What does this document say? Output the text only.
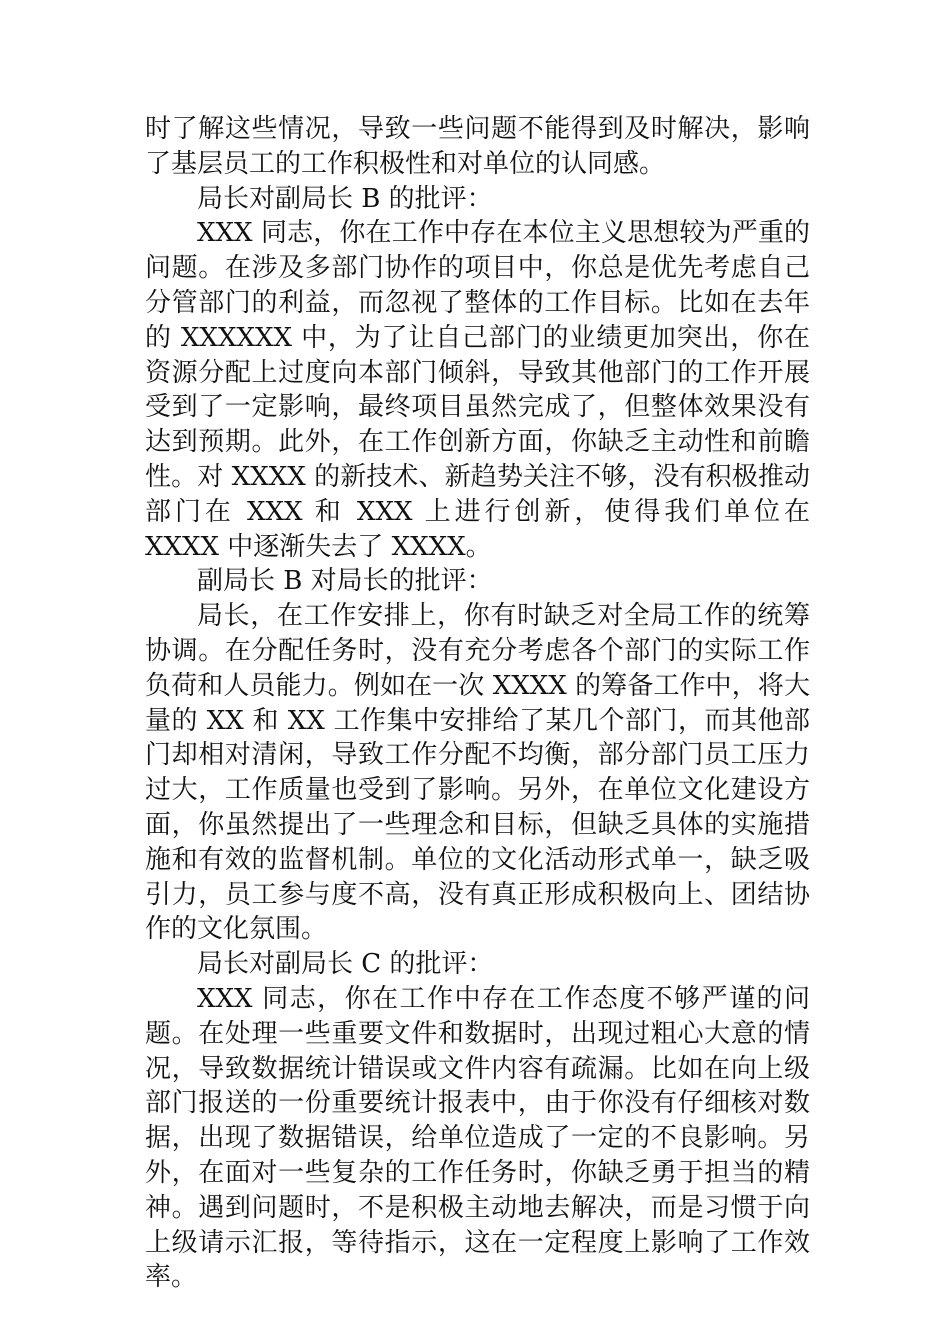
时了解这些情况，导致一些问题不能得到及时解决，影响了基层员工的工作积极性和对单位的认同感。

局长对副局长 B 的批评：

XXX 同志，你在工作中存在本位主义思想较为严重的问题。在涉及多部门协作的项目中，你总是优先考虑自己分管部门的利益，而忽视了整体的工作目标。比如在去年的 XXXXXX 中，为了让自己部门的业绩更加突出，你在资源分配上过度向本部门倾斜，导致其他部门的工作开展受到了一定影响，最终项目虽然完成了，但整体效果没有达到预期。此外，在工作创新方面，你缺乏主动性和前瞻性。对 XXXX 的新技术、新趋势关注不够，没有积极推动部门在 XXX 和 XXX 上进行创新，使得我们单位在 XXXX 中逐渐失去了 XXXX。

副局长 B 对局长的批评：

局长，在工作安排上，你有时缺乏对全局工作的统筹协调。在分配任务时，没有充分考虑各个部门的实际工作负荷和人员能力。例如在一次 XXXX 的筹备工作中，将大量的 XX 和 XX 工作集中安排给了某几个部门，而其他部门却相对清闲，导致工作分配不均衡，部分部门员工压力过大，工作质量也受到了影响。另外，在单位文化建设方面，你虽然提出了一些理念和目标，但缺乏具体的实施措施和有效的监督机制。单位的文化活动形式单一，缺乏吸引力，员工参与度不高，没有真正形成积极向上、团结协作的文化氛围。

局长对副局长 C 的批评：

XXX 同志，你在工作中存在工作态度不够严谨的问题。在处理一些重要文件和数据时，出现过粗心大意的情况，导致数据统计错误或文件内容有疏漏。比如在向上级部门报送的一份重要统计报表中，由于你没有仔细核对数据，出现了数据错误，给单位造成了一定的不良影响。另外，在面对一些复杂的工作任务时，你缺乏勇于担当的精神。遇到问题时，不是积极主动地去解决，而是习惯于向上级请示汇报，等待指示，这在一定程度上影响了工作效率。
